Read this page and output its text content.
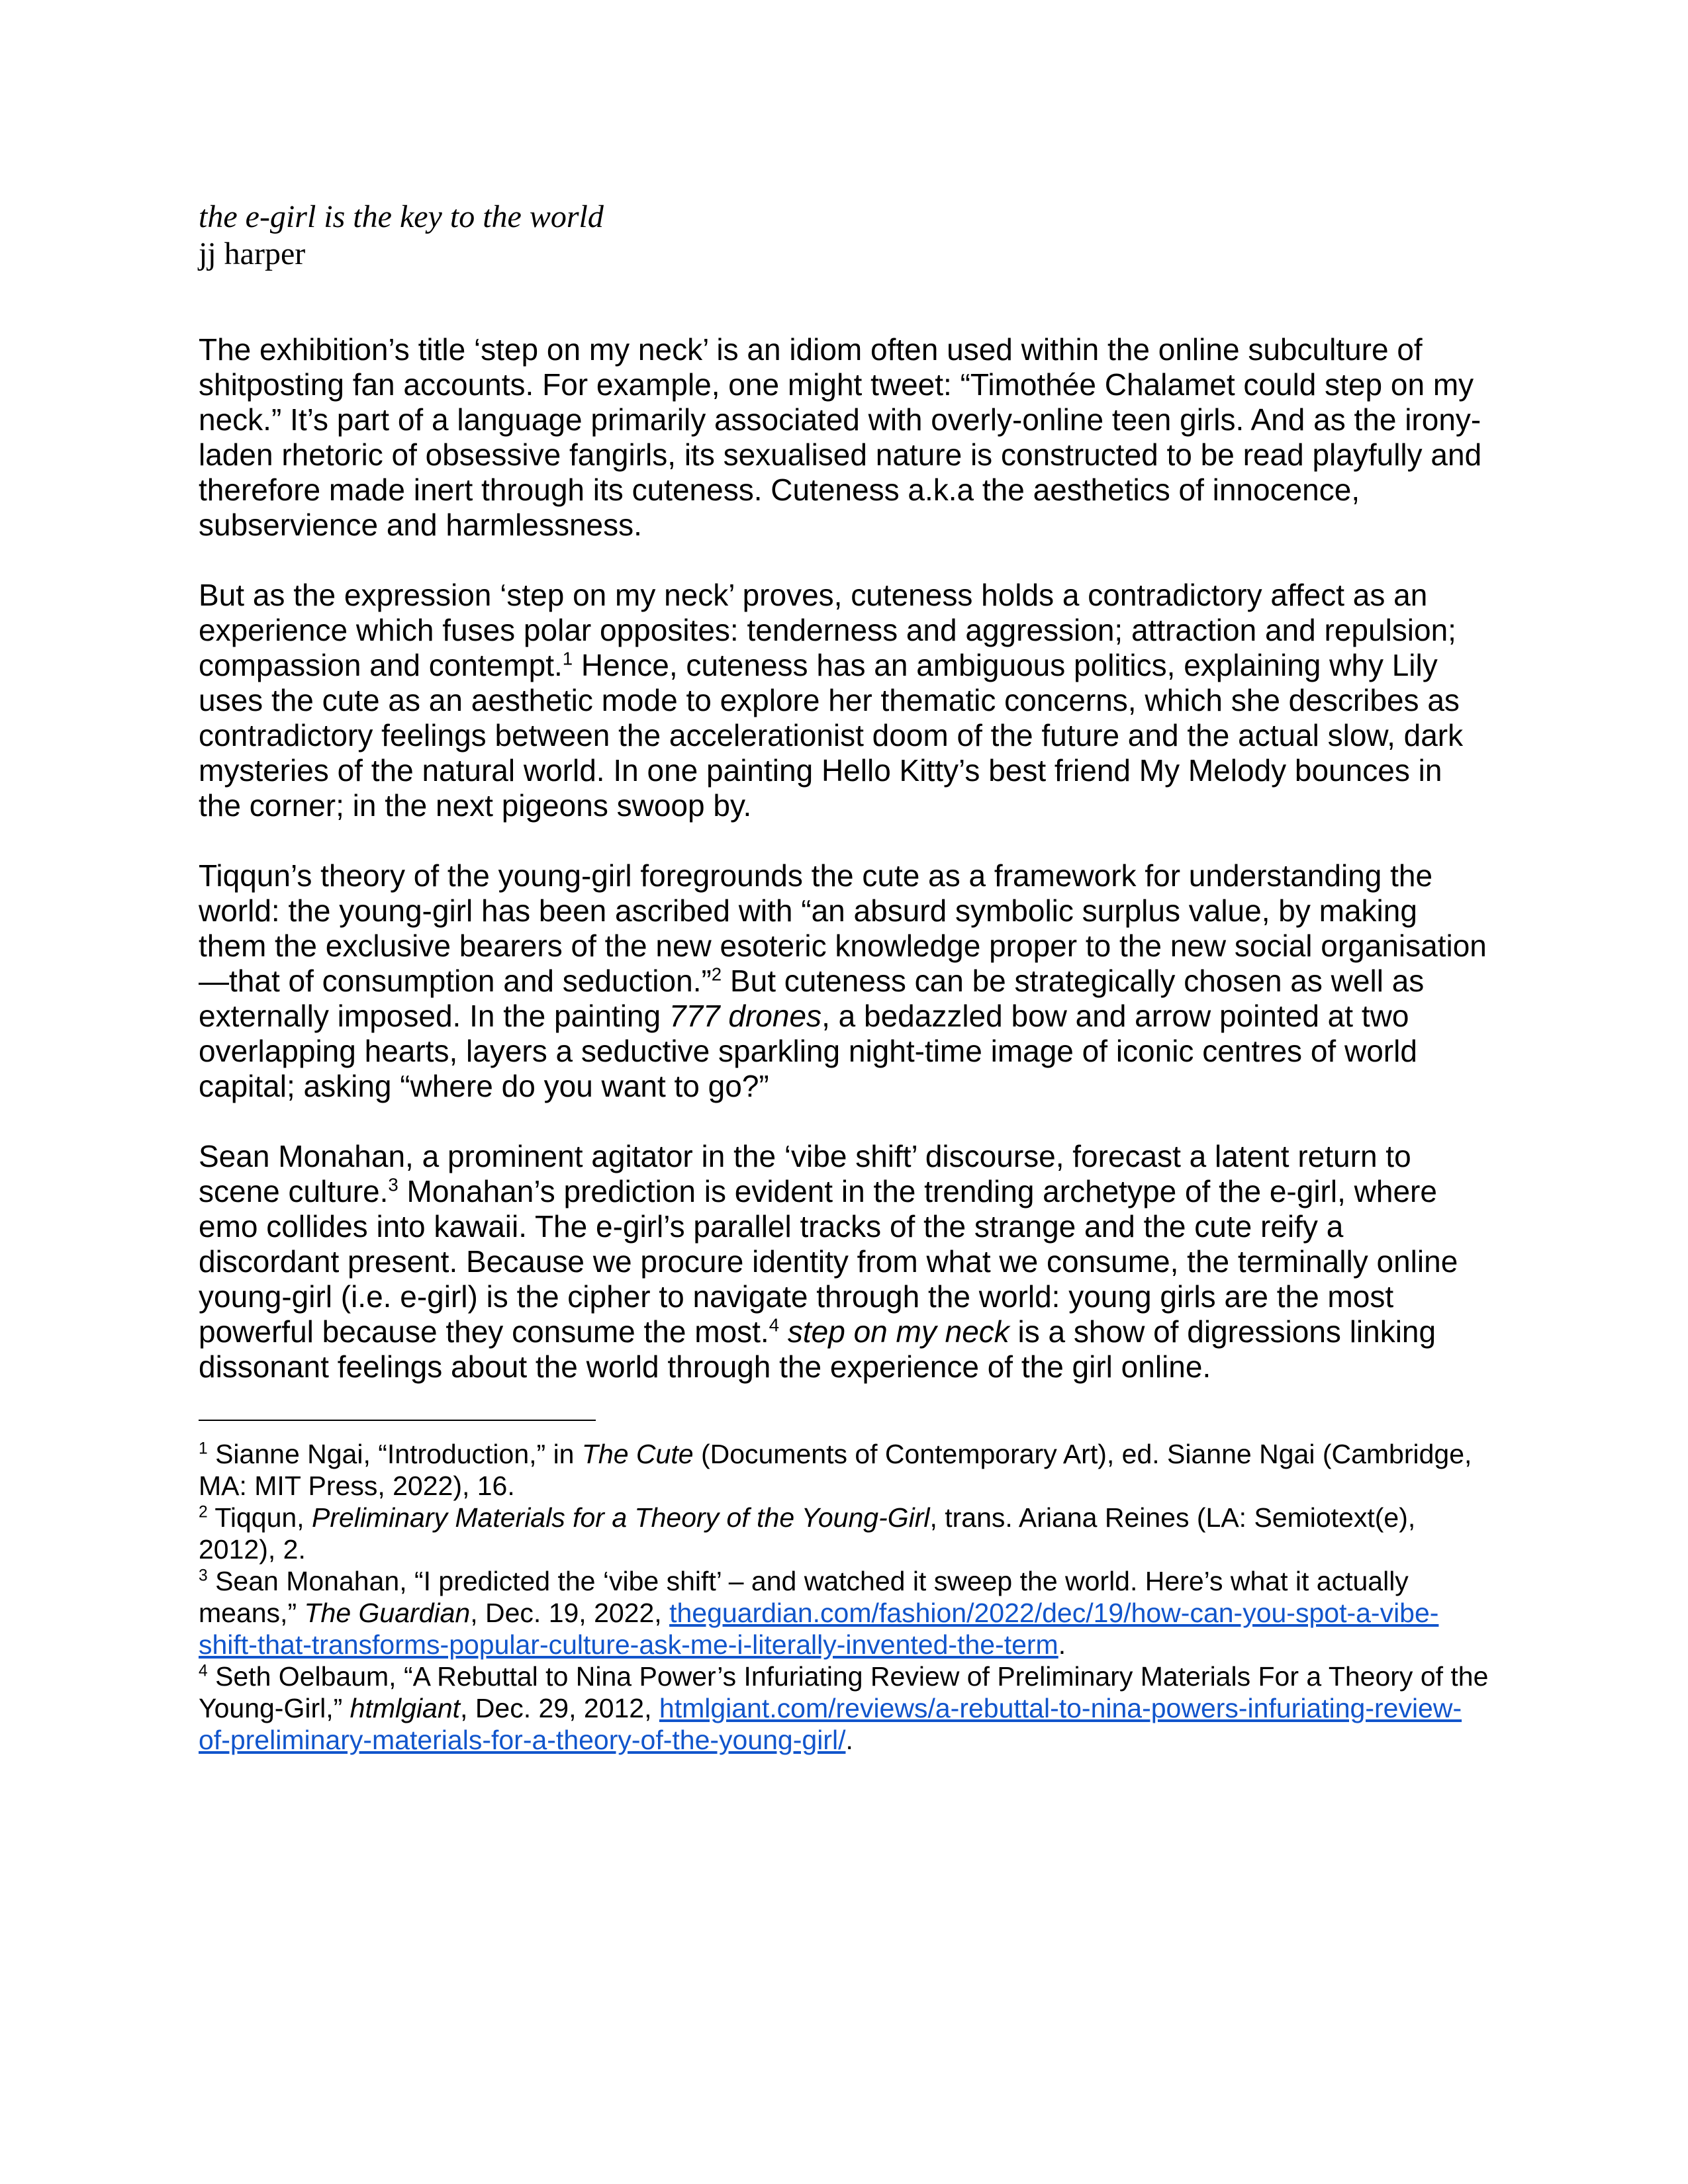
the e-girl is the key to the world
jj harper

The exhibition’s title ‘step on my neck’ is an idiom often used within the online subculture of shitposting fan accounts. For example, one might tweet: “Timothée Chalamet could step on my neck.” It’s part of a language primarily associated with overly-online teen girls. And as the irony-laden rhetoric of obsessive fangirls, its sexualised nature is constructed to be read playfully and therefore made inert through its cuteness. Cuteness a.k.a the aesthetics of innocence, subservience and harmlessness.

But as the expression ‘step on my neck’ proves, cuteness holds a contradictory affect as an experience which fuses polar opposites: tenderness and aggression; attraction and repulsion; compassion and contempt.$^1$ Hence, cuteness has an ambiguous politics, explaining why Lily uses the cute as an aesthetic mode to explore her thematic concerns, which she describes as contradictory feelings between the accelerationist doom of the future and the actual slow, dark mysteries of the natural world. In one painting Hello Kitty’s best friend My Melody bounces in the corner; in the next pigeons swoop by.

Tiqqun’s theory of the young-girl foregrounds the cute as a framework for understanding the world: the young-girl has been ascribed with “an absurd symbolic surplus value, by making them the exclusive bearers of the new esoteric knowledge proper to the new social organisation—that of consumption and seduction.”$^2$ But cuteness can be strategically chosen as well as externally imposed. In the painting 777 drones, a bedazzled bow and arrow pointed at two overlapping hearts, layers a seductive sparkling night-time image of iconic centres of world capital; asking “where do you want to go?”

Sean Monahan, a prominent agitator in the ‘vibe shift’ discourse, forecast a latent return to scene culture.$^3$ Monahan’s prediction is evident in the trending archetype of the e-girl, where emo collides into kawaii. The e-girl’s parallel tracks of the strange and the cute reify a discordant present. Because we procure identity from what we consume, the terminally online young-girl (i.e. e-girl) is the cipher to navigate through the world: young girls are the most powerful because they consume the most.$^4$ step on my neck is a show of digressions linking dissonant feelings about the world through the experience of the girl online.

$^1$ Sianne Ngai, “Introduction,” in The Cute (Documents of Contemporary Art), ed. Sianne Ngai (Cambridge, MA: MIT Press, 2022), 16.

$^2$ Tiqqun, Preliminary Materials for a Theory of the Young-Girl, trans. Ariana Reines (LA: Semiotext(e), 2012), 2.

$^3$ Sean Monahan, “I predicted the ‘vibe shift’ – and watched it sweep the world. Here’s what it actually means,” The Guardian, Dec. 19, 2022, theguardian.com/fashion/2022/dec/19/how-can-you-spot-a-vibe-shift-that-transforms-popular-culture-ask-me-i-literally-invented-the-term.

$^4$ Seth Oelbaum, “A Rebuttal to Nina Power’s Infuriating Review of Preliminary Materials For a Theory of the Young-Girl,” htmlgiant, Dec. 29, 2012, htmlgiant.com/reviews/a-rebuttal-to-nina-powers-infuriating-review-of-preliminary-materials-for-a-theory-of-the-young-girl/.
